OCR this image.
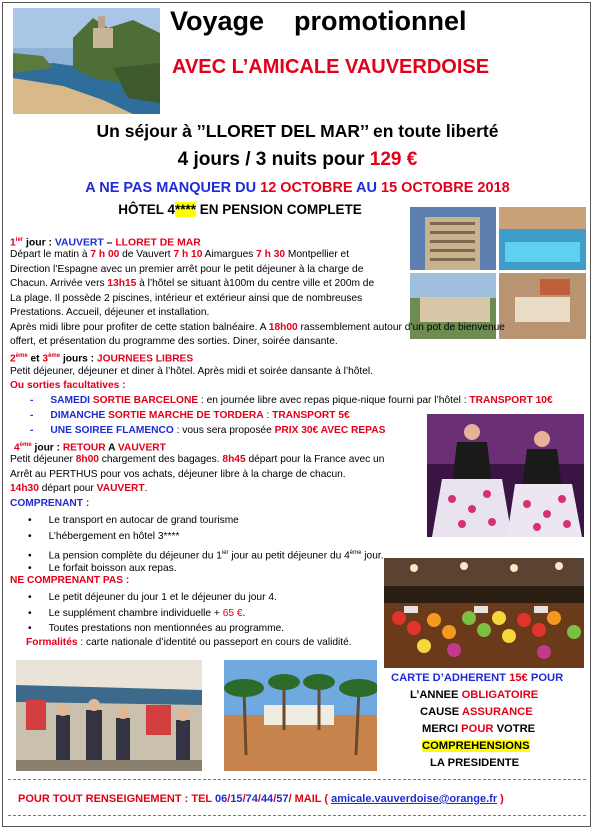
Voyage    promotionnel
AVEC L’AMICALE VAUVERDOISE
Un séjour à ’’LLORET DEL MAR’’ en toute liberté
4 jours / 3 nuits pour 129 €
A NE PAS MANQUER DU 12 OCTOBRE AU 15 OCTOBRE 2018
HÔTEL 4**** EN PENSION COMPLETE
$1^{ier}$ jour : VAUVERT – LLORET DE MAR
Départ le matin à 7 h 00 de Vauvert 7 h 10 Aimargues 7 h 30 Montpellier et
Direction l’Espagne avec un premier arrêt pour le petit déjeuner à la charge de
Chacun. Arrivée vers 13h15 à l’hôtel se situant à100m du centre ville et 200m de
La plage. Il possède 2 piscines, intérieur et extérieur ainsi que de nombreuses
Prestations. Accueil, déjeuner et installation.
Après midi libre pour profiter de cette station balnéaire. A 18h00 rassemblement autour d’un pot de bienvenue
offert, et présentation du programme des sorties. Diner, soirée dansante.
2ème et 3ème jours : JOURNEES LIBRES
Petit déjeuner, déjeuner et diner à l’hôtel. Après midi et soirée dansante à l’hôtel.
Ou sorties facultatives :
- SAMEDI SORTIE BARCELONE : en journée libre avec repas pique-nique fourni par l’hôtel : TRANSPORT 10€
- DIMANCHE SORTIE MARCHE DE TORDERA : TRANSPORT 5€
- UNE SOIREE FLAMENCO : vous sera proposée PRIX 30€ AVEC REPAS
4ème jour : RETOUR A VAUVERT
Petit déjeuner 8h00 chargement des bagages. 8h45 départ pour la France avec un
Arrêt au PERTHUS pour vos achats, déjeuner libre à la charge de chacun.
14h30 départ pour VAUVERT.
COMPRENANT :
•      Le transport en autocar de grand tourisme
•      L’hébergement en hôtel 3****
•      La pension complète du déjeuner du $1^{ier}$ jour au petit déjeuner du 4ème jour.
•      Le forfait boisson aux repas.
NE COMPRENANT PAS :
•      Le petit déjeuner du jour 1 et le déjeuner du jour 4.
•      Le supplément chambre individuelle + 65 €.
•      Toutes prestations non mentionnées au programme.
Formalités : carte nationale d’identité ou passeport en cours de validité.
CARTE D’ADHERENT 15€ POUR
L’ANNEE OBLIGATOIRE
CAUSE ASSURANCE
MERCI POUR VOTRE
COMPREHENSIONS
LA PRESIDENTE
POUR TOUT RENSEIGNEMENT : TEL 06/15/74/44/57/ MAIL ( amicale.vauverdoise@orange.fr )
